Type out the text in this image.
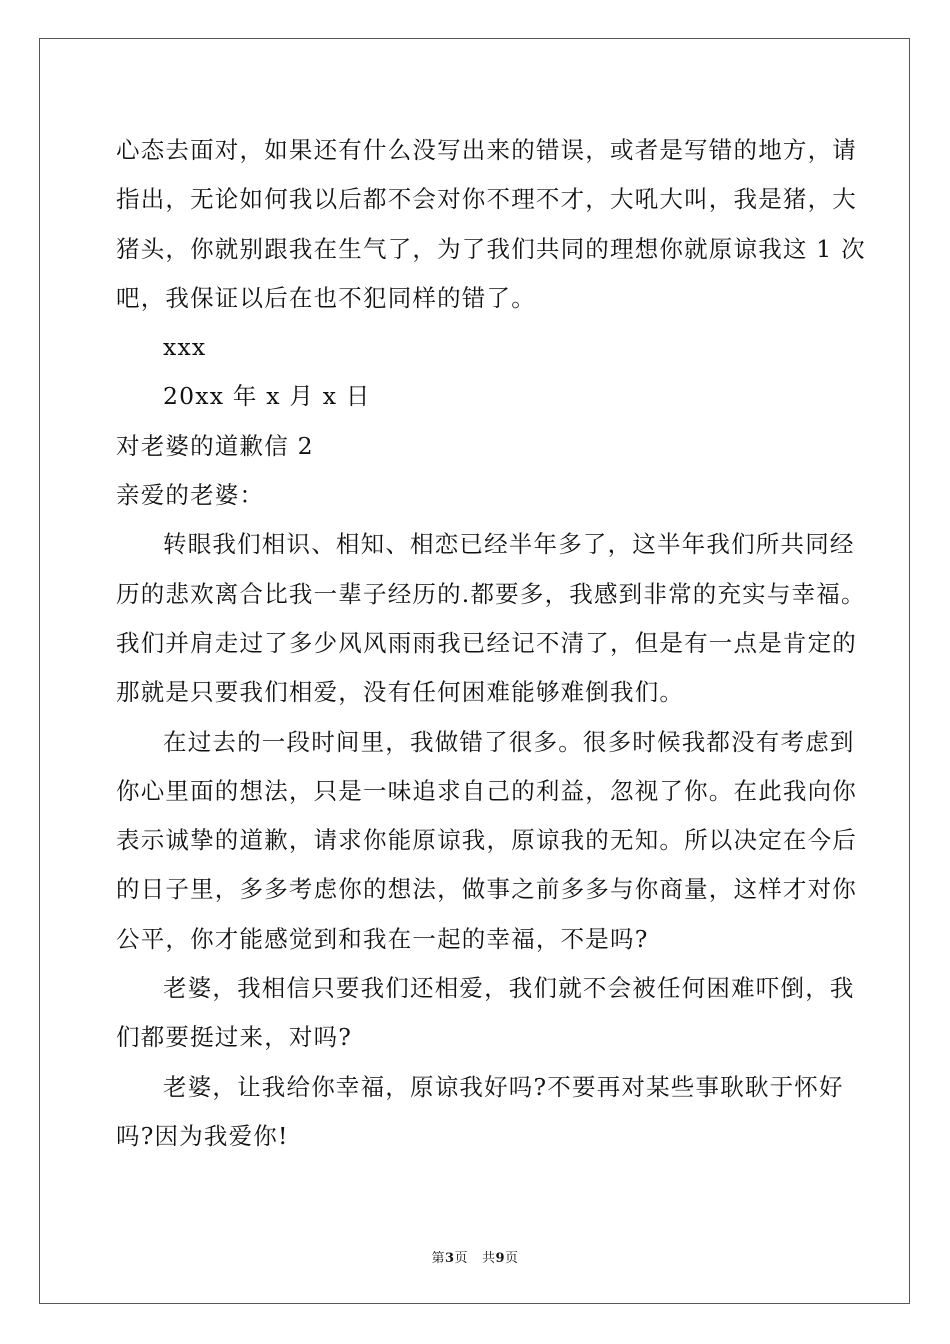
心态去面对，如果还有什么没写出来的错误，或者是写错的地方，请
指出，无论如何我以后都不会对你不理不才，大吼大叫，我是猪，大
猪头，你就别跟我在生气了，为了我们共同的理想你就原谅我这 1 次
吧，我保证以后在也不犯同样的错了。
xxx
20xx 年 x 月 x 日
对老婆的道歉信 2
亲爱的老婆：
转眼我们相识、相知、相恋已经半年多了，这半年我们所共同经
历的悲欢离合比我一辈子经历的.都要多，我感到非常的充实与幸福。
我们并肩走过了多少风风雨雨我已经记不清了，但是有一点是肯定的
那就是只要我们相爱，没有任何困难能够难倒我们。
在过去的一段时间里，我做错了很多。很多时候我都没有考虑到
你心里面的想法，只是一味追求自己的利益，忽视了你。在此我向你
表示诚挚的道歉，请求你能原谅我，原谅我的无知。所以决定在今后
的日子里，多多考虑你的想法，做事之前多多与你商量，这样才对你
公平，你才能感觉到和我在一起的幸福，不是吗?
老婆，我相信只要我们还相爱，我们就不会被任何困难吓倒，我
们都要挺过来，对吗?
老婆，让我给你幸福，原谅我好吗?不要再对某些事耿耿于怀好
吗?因为我爱你!
第3页 共9页
